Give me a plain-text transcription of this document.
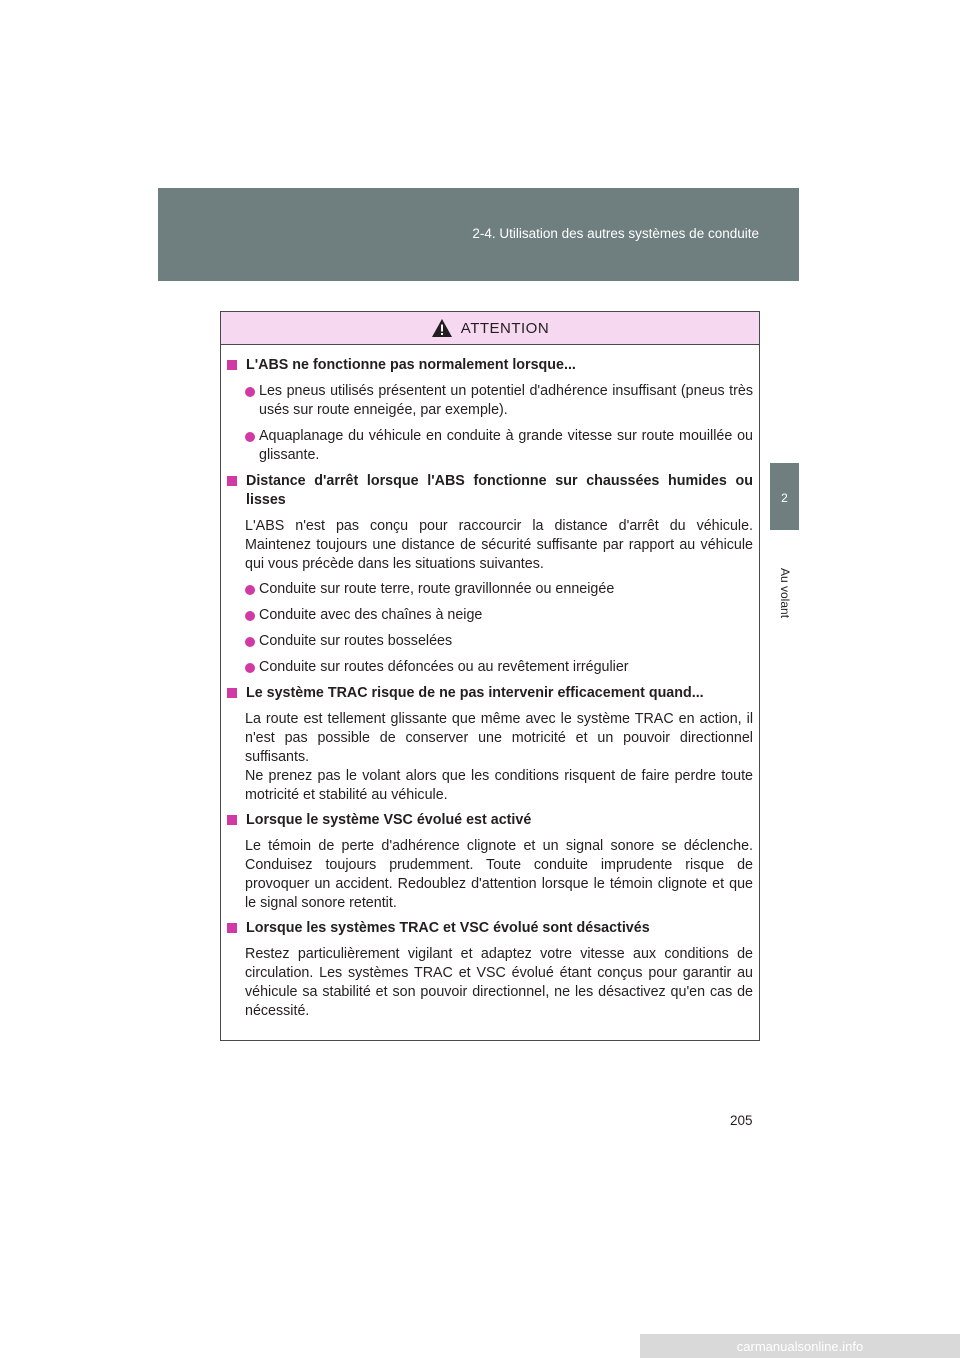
2-4. Utilisation des autres systèmes de conduite
2
Au volant
ATTENTION
L'ABS ne fonctionne pas normalement lorsque...
Les pneus utilisés présentent un potentiel d'adhérence insuffisant (pneus très usés sur route enneigée, par exemple).
Aquaplanage du véhicule en conduite à grande vitesse sur route mouillée ou glissante.
Distance d'arrêt lorsque l'ABS fonctionne sur chaussées humides ou lisses
L'ABS n'est pas conçu pour raccourcir la distance d'arrêt du véhicule. Maintenez toujours une distance de sécurité suffisante par rapport au véhicule qui vous précède dans les situations suivantes.
Conduite sur route terre, route gravillonnée ou enneigée
Conduite avec des chaînes à neige
Conduite sur routes bosselées
Conduite sur routes défoncées ou au revêtement irrégulier
Le système TRAC risque de ne pas intervenir efficacement quand...
La route est tellement glissante que même avec le système TRAC en action, il n'est pas possible de conserver une motricité et un pouvoir directionnel suffisants.
Ne prenez pas le volant alors que les conditions risquent de faire perdre toute motricité et stabilité au véhicule.
Lorsque le système VSC évolué est activé
Le témoin de perte d'adhérence clignote et un signal sonore se déclenche. Conduisez toujours prudemment. Toute conduite imprudente risque de provoquer un accident. Redoublez d'attention lorsque le témoin clignote et que le signal sonore retentit.
Lorsque les systèmes TRAC et VSC évolué sont désactivés
Restez particulièrement vigilant et adaptez votre vitesse aux conditions de circulation. Les systèmes TRAC et VSC évolué étant conçus pour garantir au véhicule sa stabilité et son pouvoir directionnel, ne les désactivez qu'en cas de nécessité.
205
carmanualsonline.info
